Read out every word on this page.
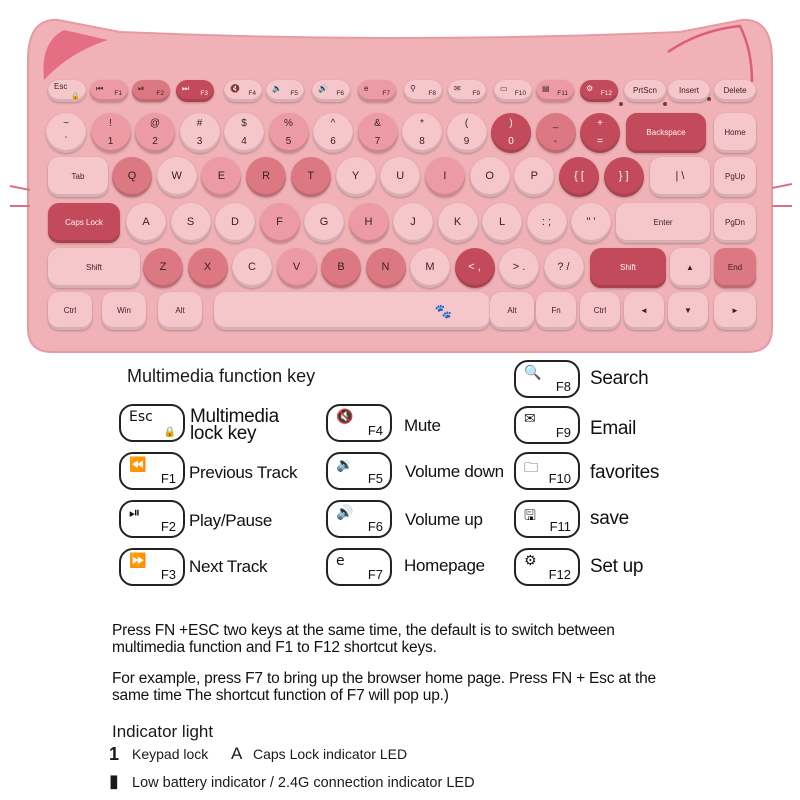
Esc
🔒
⏮
F1
⏯
F2
⏭
F3
🔇
F4
🔉
F5
🔊
F6
e
F7
⚲
F8
✉
F9
▭
F10
▤
F11
⚙
F12	PrtScn	Insert	Delete
~
`
!
1
@
2
#
3
$
4
%
5
^
6
&
7
*
8
(
9
)
0
_
-
+
=
Backspace	Home
Tab	Q	W	E	R	T	Y	U	I	O	P	{ [	} ]	| \	PgUp
Caps Lock	A	S	D	F	G	H	J	K	L	: ;	" '	Enter	PgDn
Shift	Z	X	C	V	B	N	M	< ,	> .	? /	Shift	▲	End
Ctrl	Win	Alt	🐾	Alt	Fn	Ctrl	◄	▼	►
Multimedia function key
Esc
🔒
Multimedia
lock key
⏪
F1 Previous Track
⏯
F2 Play/Pause
⏩
F3 Next Track
🔇
F4 Mute
🔉
F5 Volume down
🔊
F6 Volume up
e
F7 Homepage
🔍
F8 Search
✉
F9 Email
🗀
F10 favorites
🖫
F11 save
⚙
F12 Set up
Press FN +ESC two keys at the same time, the default is to switch between multimedia function and F1 to F12 shortcut keys.
For example, press F7 to bring up the browser home page. Press FN + Esc at the same time The shortcut function of F7 will pop up.)
Indicator light
1 Keypad lock A Caps Lock indicator LED
▮ Low battery indicator / 2.4G connection indicator LED
